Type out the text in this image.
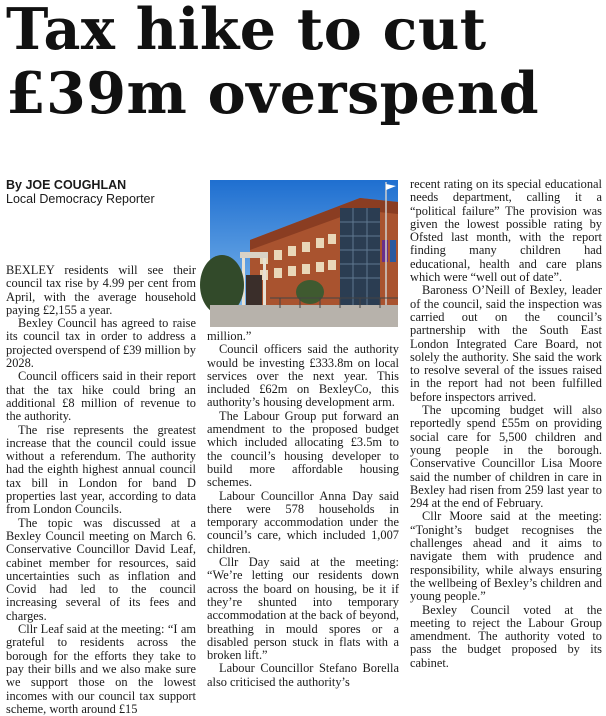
Tax hike to cut
£39m overspend
By JOE COUGHLAN
Local Democracy Reporter

BEXLEY residents will see their council tax rise by 4.99 per cent from April, with the average household paying £2,155 a year.

Bexley Council has agreed to raise its council tax in order to address a projected overspend of £39 million by 2028.

Council officers said in their report that the tax hike could bring an additional £8 million of revenue to the authority.

The rise represents the greatest increase that the council could issue without a referendum. The authority had the eighth highest annual council tax bill in London for band D properties last year, according to data from London Councils.

The topic was discussed at a Bexley Council meeting on March 6. Conservative Councillor David Leaf, cabinet member for resources, said uncertainties such as inflation and Covid had led to the council increasing several of its fees and charges.

Cllr Leaf said at the meeting: “I am grateful to residents across the borough for the efforts they take to pay their bills and we also make sure we support those on the lowest incomes with our council tax support scheme, worth around £15

million.”

Council officers said the authority would be investing £333.8m on local services over the next year. This included £62m on BexleyCo, this authority’s housing development arm.

The Labour Group put forward an amendment to the proposed budget which included allocating £3.5m to the council’s housing developer to build more affordable housing schemes.

Labour Councillor Anna Day said there were 578 households in temporary accommodation under the council’s care, which included 1,007 children.

Cllr Day said at the meeting: “We’re letting our residents down across the board on housing, be it if they’re shunted into temporary accommodation at the back of beyond, breathing in mould spores or a disabled person stuck in flats with a broken lift.”

Labour Councillor Stefano Borella also criticised the authority’s

recent rating on its special educational needs department, calling it a “political failure” The provision was given the lowest possible rating by Ofsted last month, with the report finding many children had educational, health and care plans which were “well out of date”.

Baroness O’Neill of Bexley, leader of the council, said the inspection was carried out on the council’s partnership with the South East London Integrated Care Board, not solely the authority. She said the work to resolve several of the issues raised in the report had not been fulfilled before inspectors arrived.

The upcoming budget will also reportedly spend £55m on providing social care for 5,500 children and young people in the borough. Conservative Councillor Lisa Moore said the number of children in care in Bexley had risen from 259 last year to 294 at the end of February.

Cllr Moore said at the meeting: “Tonight’s budget recognises the challenges ahead and it aims to navigate them with prudence and responsibility, while always ensuring the wellbeing of Bexley’s children and young people.”

Bexley Council voted at the meeting to reject the Labour Group amendment. The authority voted to pass the budget proposed by its cabinet.
